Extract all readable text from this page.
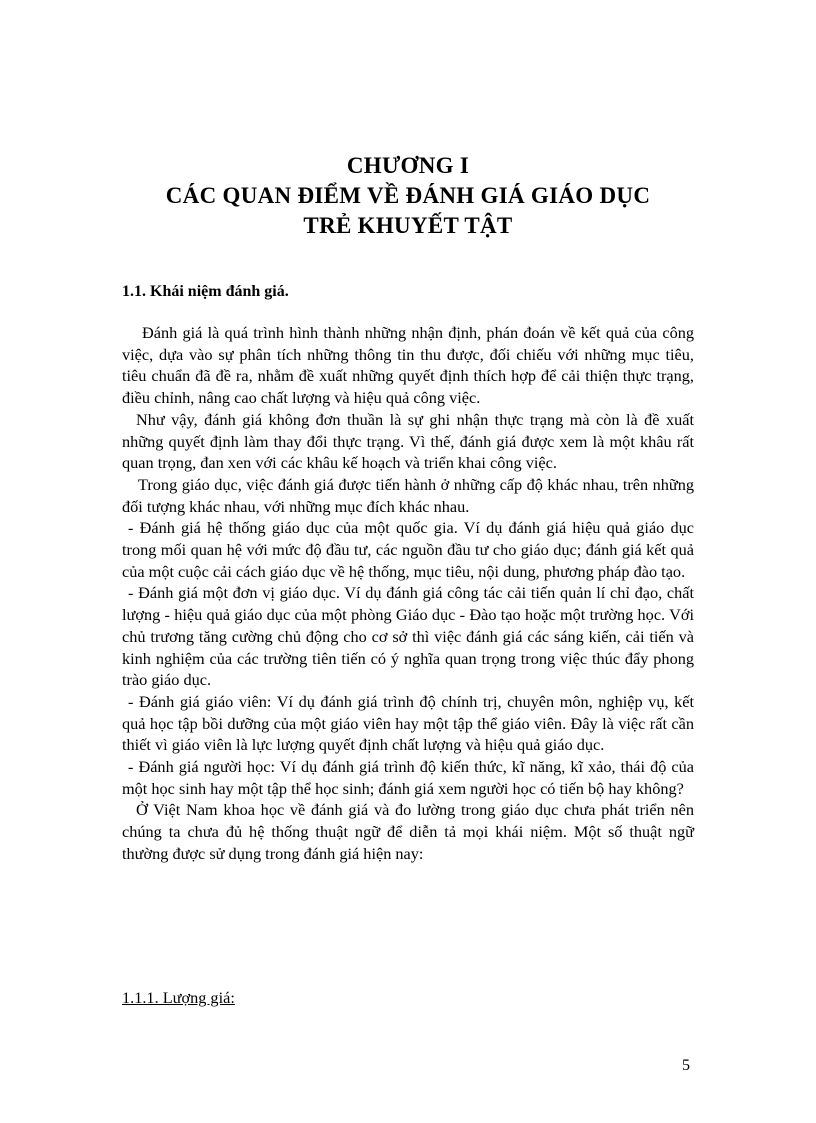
CHƯƠNG I
CÁC QUAN ĐIỂM VỀ ĐÁNH GIÁ GIÁO DỤC
TRẺ KHUYẾT TẬT
1.1. Khái niệm đánh giá.

Đánh giá là quá trình hình thành những nhận định, phán đoán về kết quả của công việc, dựa vào sự phân tích những thông tin thu được, đối chiếu với những mục tiêu, tiêu chuẩn đã đề ra, nhằm đề xuất những quyết định thích hợp để cải thiện thực trạng, điều chỉnh, nâng cao chất lượng và hiệu quả công việc.

Như vậy, đánh giá không đơn thuần là sự ghi nhận thực trạng mà còn là đề xuất những quyết định làm thay đổi thực trạng. Vì thế, đánh giá được xem là một khâu rất quan trọng, đan xen với các khâu kế hoạch và triển khai công việc.

Trong giáo dục, việc đánh giá được tiến hành ở những cấp độ khác nhau, trên những đối tượng khác nhau, với những mục đích khác nhau.

- Đánh giá hệ thống giáo dục của một quốc gia. Ví dụ đánh giá hiệu quả giáo dục trong mối quan hệ với mức độ đầu tư, các nguồn đầu tư cho giáo dục; đánh giá kết quả của một cuộc cải cách giáo dục về hệ thống, mục tiêu, nội dung, phương pháp đào tạo.

- Đánh giá một đơn vị giáo dục. Ví dụ đánh giá công tác cải tiến quản lí chỉ đạo, chất lượng - hiệu quả giáo dục của một phòng Giáo dục - Đào tạo hoặc một trường học. Với chủ trương tăng cường chủ động cho cơ sở thì việc đánh giá các sáng kiến, cải tiến và kinh nghiệm của các trường tiên tiến có ý nghĩa quan trọng trong việc thúc đẩy phong trào giáo dục.

- Đánh giá giáo viên: Ví dụ đánh giá trình độ chính trị, chuyên môn, nghiệp vụ, kết quả học tập bồi dưỡng của một giáo viên hay một tập thể giáo viên. Đây là việc rất cần thiết vì giáo viên là lực lượng quyết định chất lượng và hiệu quả giáo dục.

- Đánh giá người học: Ví dụ đánh giá trình độ kiến thức, kĩ năng, kĩ xảo, thái độ của một học sinh hay một tập thể học sinh; đánh giá xem người học có tiến bộ hay không?

Ở Việt Nam khoa học về đánh giá và đo lường trong giáo dục chưa phát triển nên chúng ta chưa đủ hệ thống thuật ngữ để diễn tả mọi khái niệm. Một số thuật ngữ thường được sử dụng trong đánh giá hiện nay:

1.1.1. Lượng giá:
5
